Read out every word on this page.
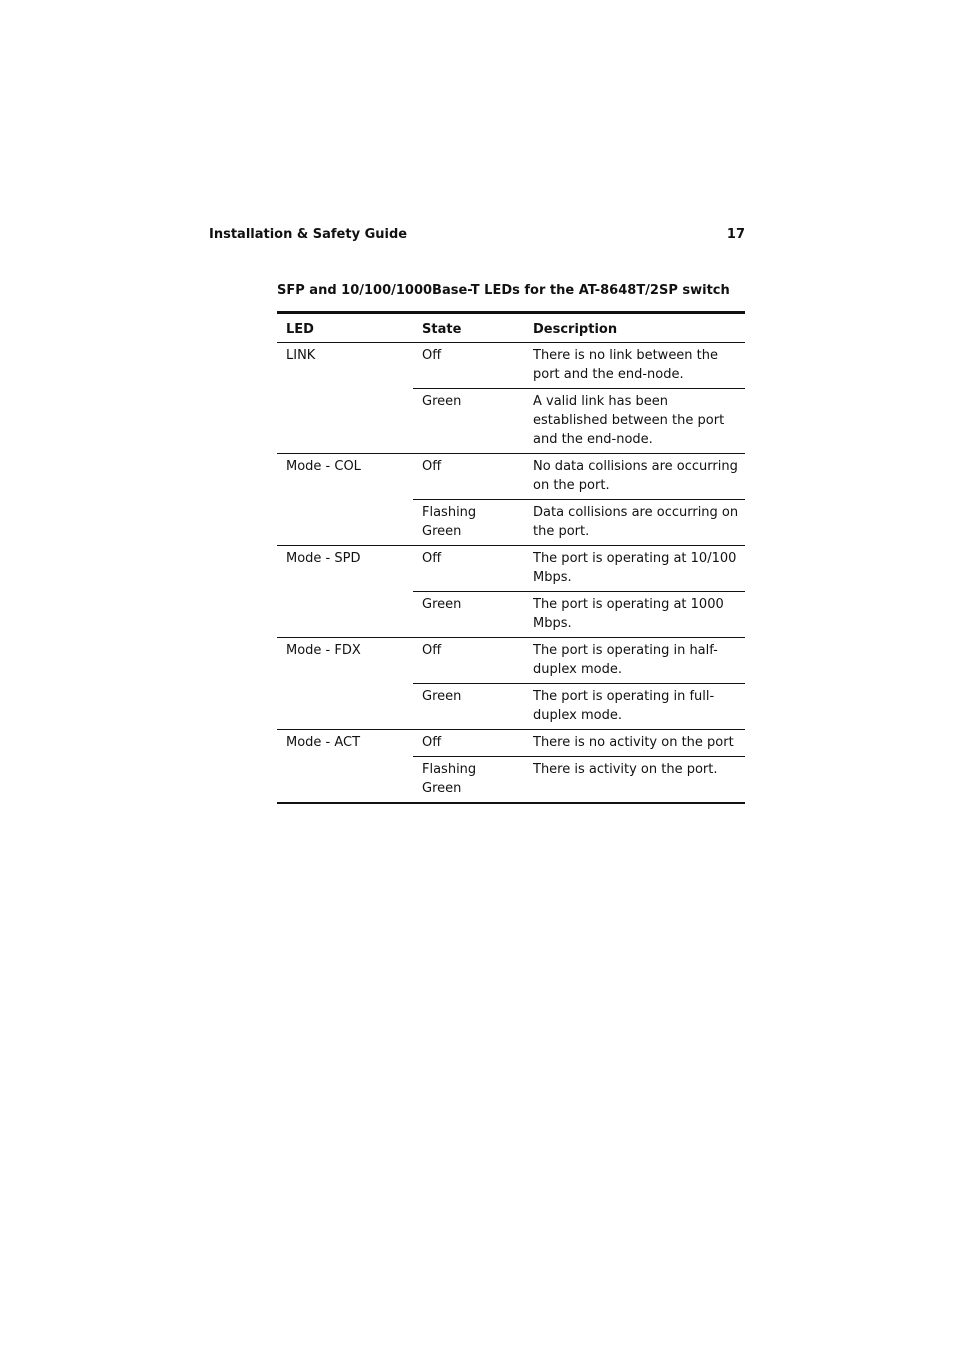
Installation & Safety Guide	17
SFP and 10/100/1000Base-T LEDs for the AT-8648T/2SP switch
LED	State	Description
LINK	Off	There is no link between the port and the end-node.
	Green	A valid link has been established between the port and the end-node.
Mode - COL	Off	No data collisions are occurring on the port.
	Flashing Green	Data collisions are occurring on the port.
Mode - SPD	Off	The port is operating at 10/100 Mbps.
	Green	The port is operating at 1000 Mbps.
Mode - FDX	Off	The port is operating in half-duplex mode.
	Green	The port is operating in full-duplex mode.
Mode - ACT	Off	There is no activity on the port
	Flashing Green	There is activity on the port.
